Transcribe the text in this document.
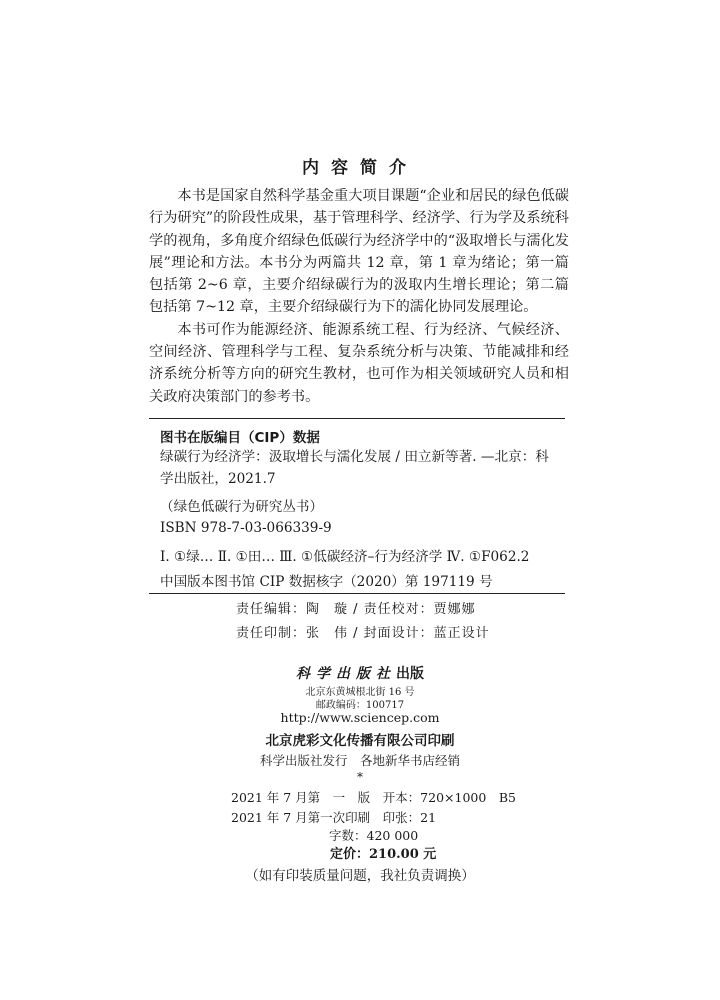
内容简介

本书是国家自然科学基金重大项目课题“企业和居民的绿色低碳行为研究”的阶段性成果，基于管理科学、经济学、行为学及系统科学的视角，多角度介绍绿色低碳行为经济学中的“汲取增长与濡化发展”理论和方法。本书分为两篇共 12 章，第 1 章为绪论；第一篇包括第 2~6 章，主要介绍绿碳行为的汲取内生增长理论；第二篇包括第 7~12 章，主要介绍绿碳行为下的濡化协同发展理论。

本书可作为能源经济、能源系统工程、行为经济、气候经济、空间经济、管理科学与工程、复杂系统分析与决策、节能减排和经济系统分析等方向的研究生教材，也可作为相关领域研究人员和相关政府决策部门的参考书。

图书在版编目（CIP）数据
绿碳行为经济学：汲取增长与濡化发展 / 田立新等著. —北京：科学出版社，2021.7
（绿色低碳行为研究丛书）
ISBN 978-7-03-066339-9
Ⅰ. ①绿… Ⅱ. ①田… Ⅲ. ①低碳经济–行为经济学 Ⅳ. ①F062.2
中国版本图书馆 CIP 数据核字（2020）第 197119 号
责任编辑：陶　璇 / 责任校对：贾娜娜
责任印制：张　伟 / 封面设计：蓝正设计
科学出版社出版
北京东黄城根北街 16 号
邮政编码：100717
http://www.sciencep.com
北京虎彩文化传播有限公司印刷
科学出版社发行　各地新华书店经销
*
2021 年 7 月第　一　版　开本：720×1000　B5
2021 年 7 月第一次印刷　印张：21
字数：420 000
定价：210.00 元
（如有印装质量问题，我社负责调换）
